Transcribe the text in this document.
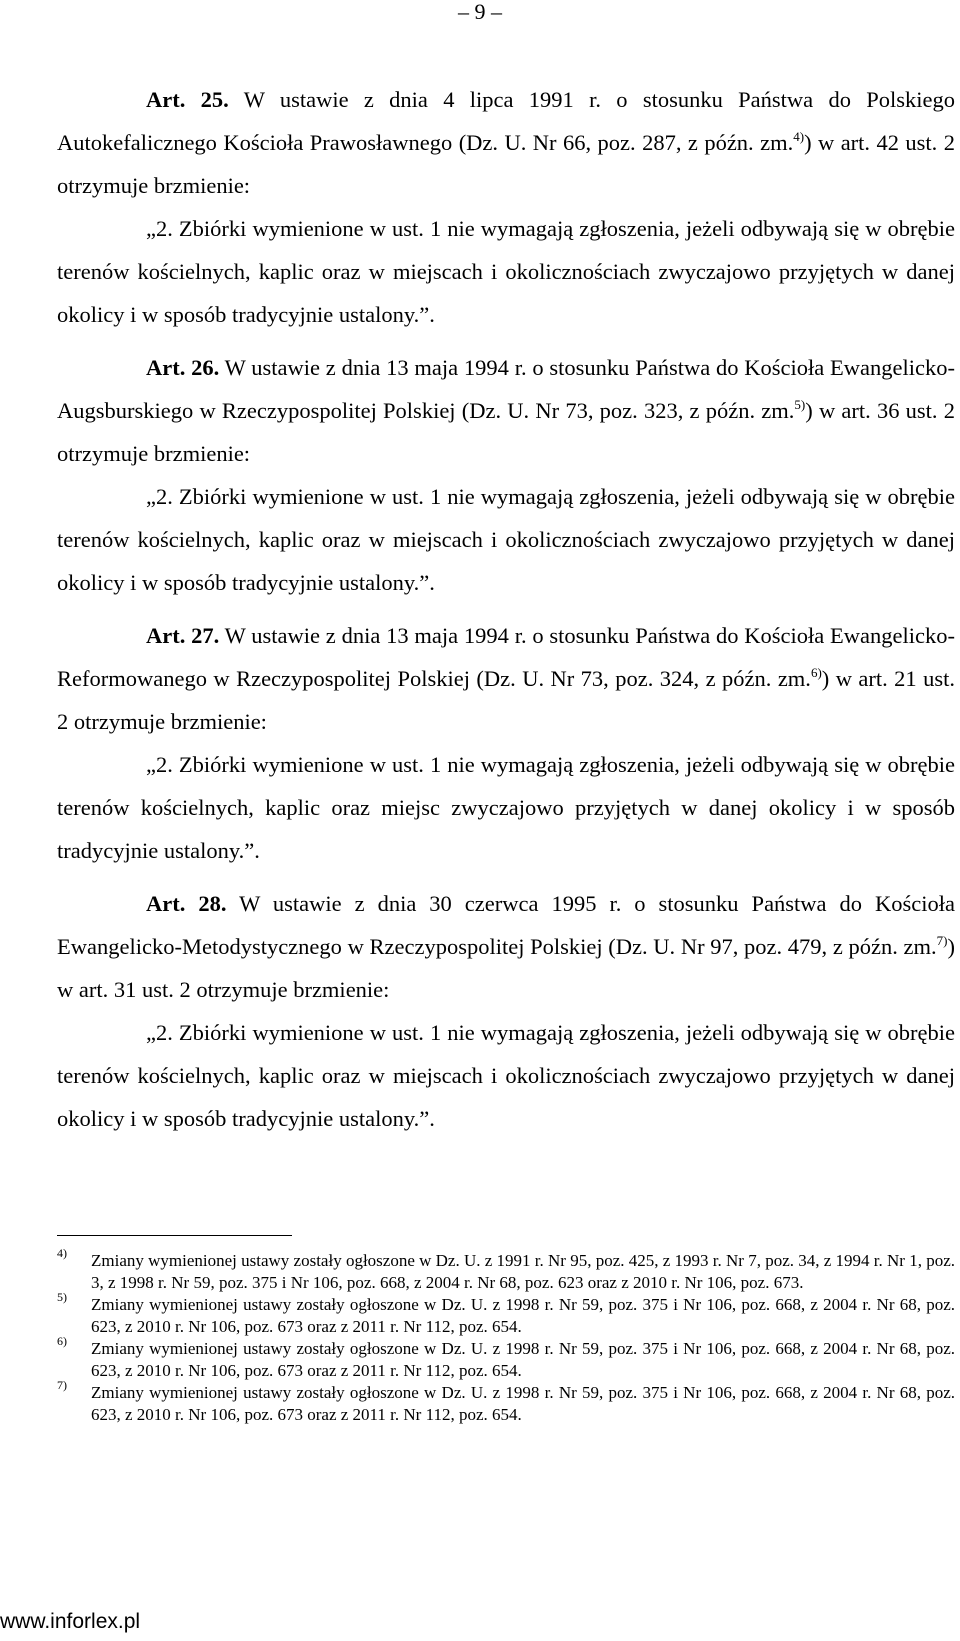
– 9 –

Art. 25. W ustawie z dnia 4 lipca 1991 r. o stosunku Państwa do Polskiego Autokefalicznego Kościoła Prawosławnego (Dz. U. Nr 66, poz. 287, z późn. zm.$^{4)}$) w art. 42 ust. 2 otrzymuje brzmienie:

„2. Zbiórki wymienione w ust. 1 nie wymagają zgłoszenia, jeżeli odbywają się w obrębie terenów kościelnych, kaplic oraz w miejscach i okolicznościach zwyczajowo przyjętych w danej okolicy i w sposób tradycyjnie ustalony.”.

Art. 26. W ustawie z dnia 13 maja 1994 r. o stosunku Państwa do Kościoła Ewangelicko-Augsburskiego w Rzeczypospolitej Polskiej (Dz. U. Nr 73, poz. 323, z późn. zm.$^{5)}$) w art. 36 ust. 2 otrzymuje brzmienie:

„2. Zbiórki wymienione w ust. 1 nie wymagają zgłoszenia, jeżeli odbywają się w obrębie terenów kościelnych, kaplic oraz w miejscach i okolicznościach zwyczajowo przyjętych w danej okolicy i w sposób tradycyjnie ustalony.”.

Art. 27. W ustawie z dnia 13 maja 1994 r. o stosunku Państwa do Kościoła Ewangelicko-Reformowanego w Rzeczypospolitej Polskiej (Dz. U. Nr 73, poz. 324, z późn. zm.$^{6)}$) w art. 21 ust. 2 otrzymuje brzmienie:

„2. Zbiórki wymienione w ust. 1 nie wymagają zgłoszenia, jeżeli odbywają się w obrębie terenów kościelnych, kaplic oraz miejsc zwyczajowo przyjętych w danej okolicy i w sposób tradycyjnie ustalony.”.

Art. 28. W ustawie z dnia 30 czerwca 1995 r. o stosunku Państwa do Kościoła Ewangelicko-Metodystycznego w Rzeczypospolitej Polskiej (Dz. U. Nr 97, poz. 479, z późn. zm.$^{7)}$) w art. 31 ust. 2 otrzymuje brzmienie:

„2. Zbiórki wymienione w ust. 1 nie wymagają zgłoszenia, jeżeli odbywają się w obrębie terenów kościelnych, kaplic oraz w miejscach i okolicznościach zwyczajowo przyjętych w danej okolicy i w sposób tradycyjnie ustalony.”.

4) Zmiany wymienionej ustawy zostały ogłoszone w Dz. U. z 1991 r. Nr 95, poz. 425, z 1993 r. Nr 7, poz. 34, z 1994 r. Nr 1, poz. 3, z 1998 r. Nr 59, poz. 375 i Nr 106, poz. 668, z 2004 r. Nr 68, poz. 623 oraz z 2010 r. Nr 106, poz. 673.

5) Zmiany wymienionej ustawy zostały ogłoszone w Dz. U. z 1998 r. Nr 59, poz. 375 i Nr 106, poz. 668, z 2004 r. Nr 68, poz. 623, z 2010 r. Nr 106, poz. 673 oraz z 2011 r. Nr 112, poz. 654.

6) Zmiany wymienionej ustawy zostały ogłoszone w Dz. U. z 1998 r. Nr 59, poz. 375 i Nr 106, poz. 668, z 2004 r. Nr 68, poz. 623, z 2010 r. Nr 106, poz. 673 oraz z 2011 r. Nr 112, poz. 654.

7) Zmiany wymienionej ustawy zostały ogłoszone w Dz. U. z 1998 r. Nr 59, poz. 375 i Nr 106, poz. 668, z 2004 r. Nr 68, poz. 623, z 2010 r. Nr 106, poz. 673 oraz z 2011 r. Nr 112, poz. 654.

www.inforlex.pl
